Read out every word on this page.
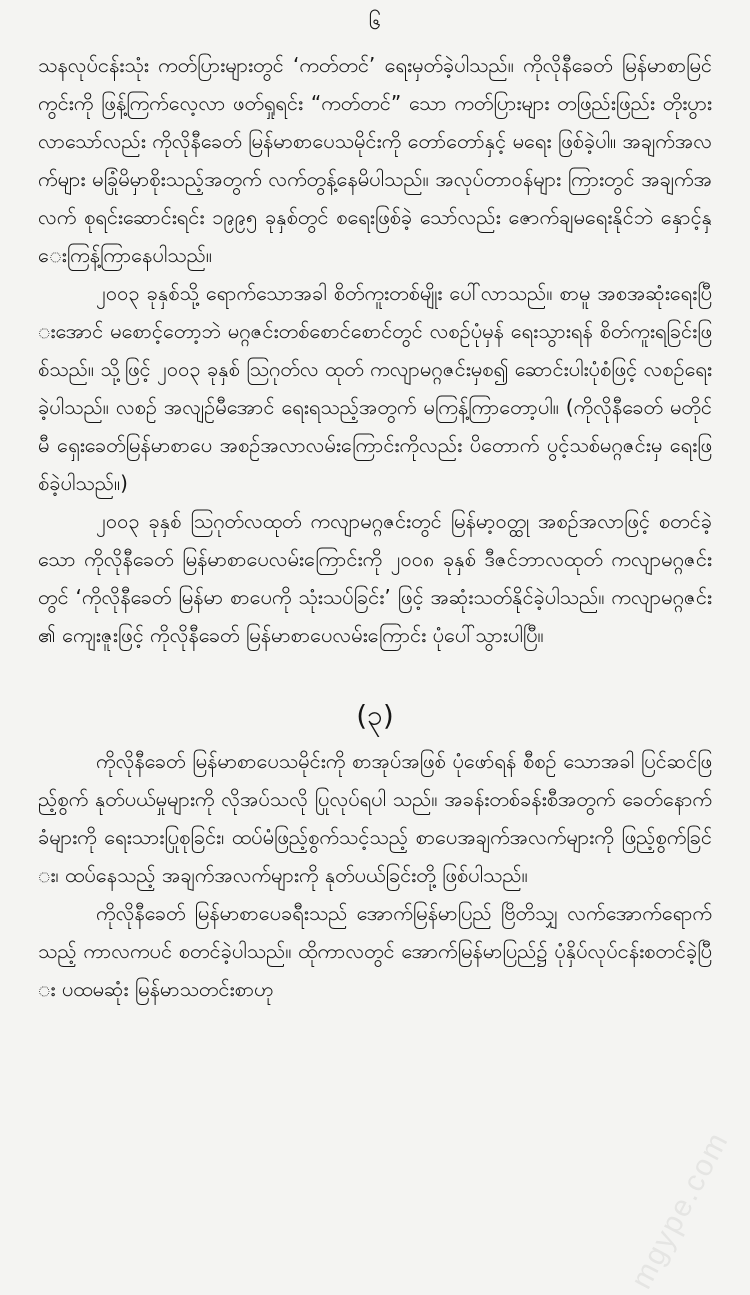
၆

သနလုပ်ငန်းသုံး ကတ်ပြားများတွင် ‘ကတ်တင်’ ရေးမှတ်ခဲ့ပါသည်။ ကိုလိုနီခေတ် မြန်မာစာမြင်ကွင်းကို ဖြန့်ကြက်လေ့လာ ဖတ်ရှုရင်း “ကတ်တင်” သော ကတ်ပြားများ တဖြည်းဖြည်း တိုးပွားလာသော်လည်း ကိုလိုနီခေတ် မြန်မာစာပေသမိုင်းကို တော်တော်နှင့် မရေး ဖြစ်ခဲ့ပါ။ အချက်အလက်များ မခြုံမိမှာစိုးသည့်အတွက် လက်တွန့်နေမိပါသည်။ အလုပ်တာဝန်များ ကြားတွင် အချက်အလက် စုရင်းဆောင်းရင်း ၁၉၉၅ ခုနှစ်တွင် စရေးဖြစ်ခဲ့ သော်လည်း ဇောက်ချမရေးနိုင်ဘဲ နှောင့်နှေးကြန့်ကြာနေပါသည်။

၂၀၀၃ ခုနှစ်သို့ ရောက်သောအခါ စိတ်ကူးတစ်မျိုး ပေါ်လာသည်။ စာမူ အစအဆုံးရေးပြီးအောင် မစောင့်တော့ဘဲ မဂ္ဂဇင်းတစ်စောင်စောင်တွင် လစဉ်ပုံမှန် ရေးသွားရန် စိတ်ကူးရခြင်းဖြစ်သည်။ သို့ဖြင့် ၂၀၀၃ ခုနှစ် ဩဂုတ်လ ထုတ် ကလျာမဂ္ဂဇင်းမှစ၍ ဆောင်းပါးပုံစံဖြင့် လစဉ်ရေးခဲ့ပါသည်။ လစဉ် အလျဉ်မီအောင် ရေးရသည့်အတွက် မကြန့်ကြာတော့ပါ။ (ကိုလိုနီခေတ် မတိုင်မီ ရှေးခေတ်မြန်မာစာပေ အစဉ်အလာလမ်းကြောင်းကိုလည်း ပိတောက် ပွင့်သစ်မဂ္ဂဇင်းမှ ရေးဖြစ်ခဲ့ပါသည်။)

၂၀၀၃ ခုနှစ် ဩဂုတ်လထုတ် ကလျာမဂ္ဂဇင်းတွင် မြန်မာ့ဝတ္ထု အစဉ်အလာဖြင့် စတင်ခဲ့သော ကိုလိုနီခေတ် မြန်မာစာပေလမ်းကြောင်းကို ၂၀၀၈ ခုနှစ် ဒီဇင်ဘာလထုတ် ကလျာမဂ္ဂဇင်းတွင် ‘ကိုလိုနီခေတ် မြန်မာ စာပေကို သုံးသပ်ခြင်း’ ဖြင့် အဆုံးသတ်နိုင်ခဲ့ပါသည်။ ကလျာမဂ္ဂဇင်း၏ ကျေးဇူးဖြင့် ကိုလိုနီခေတ် မြန်မာစာပေလမ်းကြောင်း ပုံပေါ်သွားပါပြီ။

(၃)

ကိုလိုနီခေတ် မြန်မာစာပေသမိုင်းကို စာအုပ်အဖြစ် ပုံဖော်ရန် စီစဉ် သောအခါ ပြင်ဆင်ဖြည့်စွက် နုတ်ပယ်မှုများကို လိုအပ်သလို ပြုလုပ်ရပါ သည်။ အခန်းတစ်ခန်းစီအတွက် ခေတ်နောက်ခံများကို ရေးသားပြုစုခြင်း၊ ထပ်မံဖြည့်စွက်သင့်သည့် စာပေအချက်အလက်များကို ဖြည့်စွက်ခြင်း၊ ထပ်နေသည့် အချက်အလက်များကို နုတ်ပယ်ခြင်းတို့ ဖြစ်ပါသည်။

ကိုလိုနီခေတ် မြန်မာစာပေခရီးသည် အောက်မြန်မာပြည် ဗြိတိသျှ လက်အောက်ရောက်သည့် ကာလကပင် စတင်ခဲ့ပါသည်။ ထိုကာလတွင် အောက်မြန်မာပြည်၌ ပုံနှိပ်လုပ်ငန်းစတင်ခဲ့ပြီး ပထမဆုံး မြန်မာသတင်းစာဟု

mgype.com
